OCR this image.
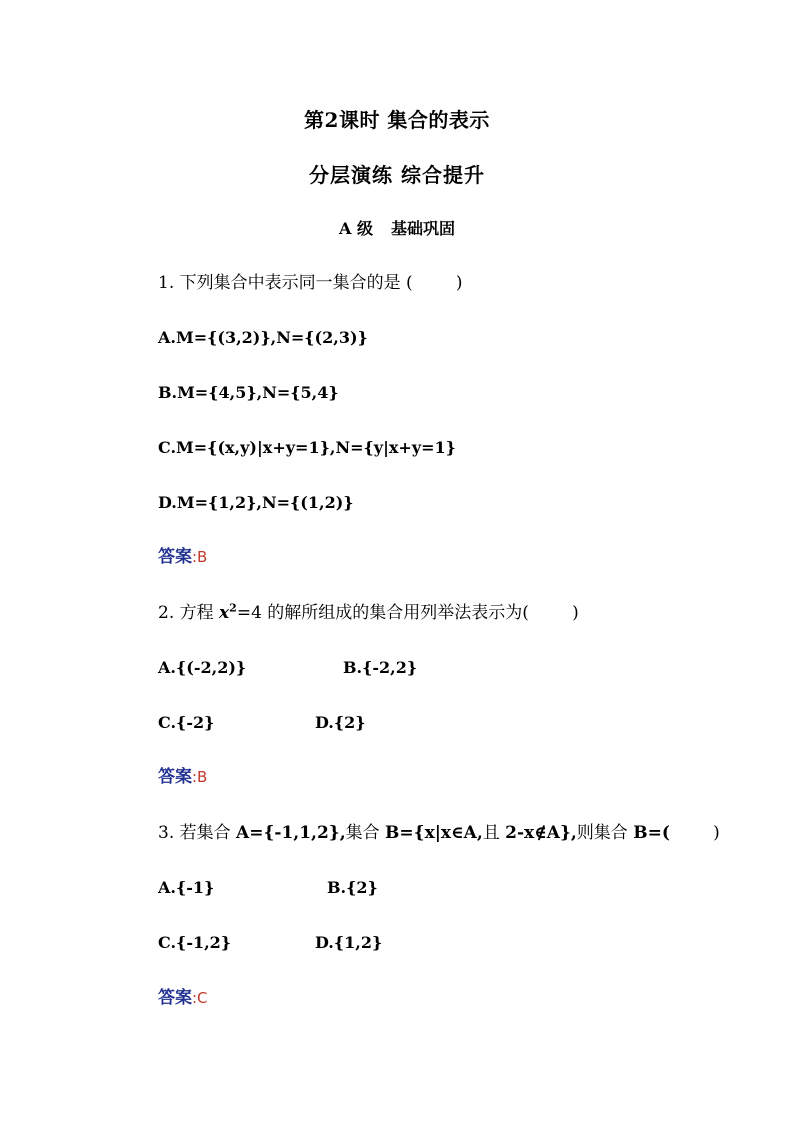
第2课时 集合的表示
分层演练 综合提升
A 级 基础巩固
1. 下列集合中表示同一集合的是 (	)
A.M={(3,2)},N={(2,3)}
B.M={4,5},N={5,4}
C.M={(x,y)|x+y=1},N={y|x+y=1}
D.M={1,2},N={(1,2)}
答案:B
2. 方程 $x^2=4$ 的解所组成的集合用列举法表示为(	)
A.{(-2,2)}	B.{-2,2}
C.{-2}	D.{2}
答案:B
3. 若集合 A={-1,1,2},集合 B={x|x∈A,且 2-x∉A},则集合 B=(	)
A.{-1}	B.{2}
C.{-1,2}	D.{1,2}
答案:C
